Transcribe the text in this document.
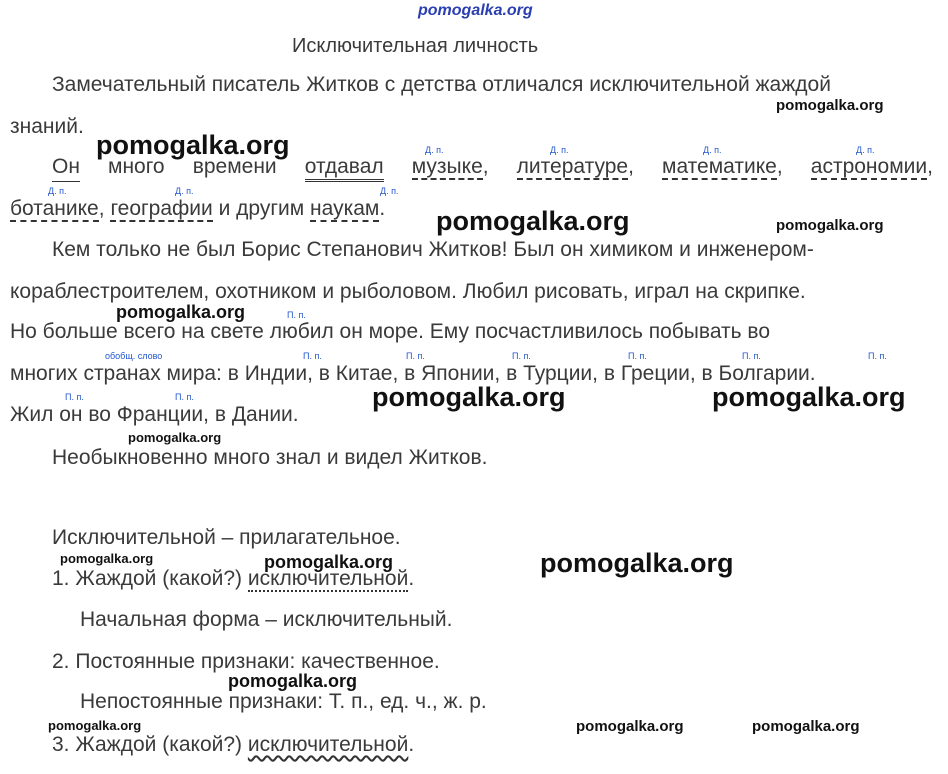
pomogalka.org
Исключительная личность
Замечательный писатель Житков с детства отличался исключительной жаждой
знаний.
Он много времени отдавал музыке, литературе, математике, астрономии,
ботанике, географии и другим наукам.
Д. п.	Д. п.	Д. п.	Д. п.
Д. п.	Д. п.	Д. п.
Кем только не был Борис Степанович Житков! Был он химиком и инженером-
кораблестроителем, охотником и рыболовом. Любил рисовать, играл на скрипке.
Но больше всего на свете любил он море. Ему посчастливилось побывать во
многих странах мира: в Индии, в Китае, в Японии, в Турции, в Греции, в Болгарии.
Жил он во Франции, в Дании.
П. п.
обобщ. слово	П. п.	П. п.	П. п.	П. п.	П. п.	П. п.
П. п.	П. п.
Необыкновенно много знал и видел Житков.
Исключительной – прилагательное.
1. Жаждой (какой?) исключительной.
Начальная форма – исключительный.
2. Постоянные признаки: качественное.
Непостоянные признаки: Т. п., ед. ч., ж. р.
3. Жаждой (какой?) исключительной.
pomogalka.org
pomogalka.org
pomogalka.org	pomogalka.org
pomogalka.org
pomogalka.org	pomogalka.org
pomogalka.org
pomogalka.org	pomogalka.org	pomogalka.org
pomogalka.org
pomogalka.org	pomogalka.org	pomogalka.org
